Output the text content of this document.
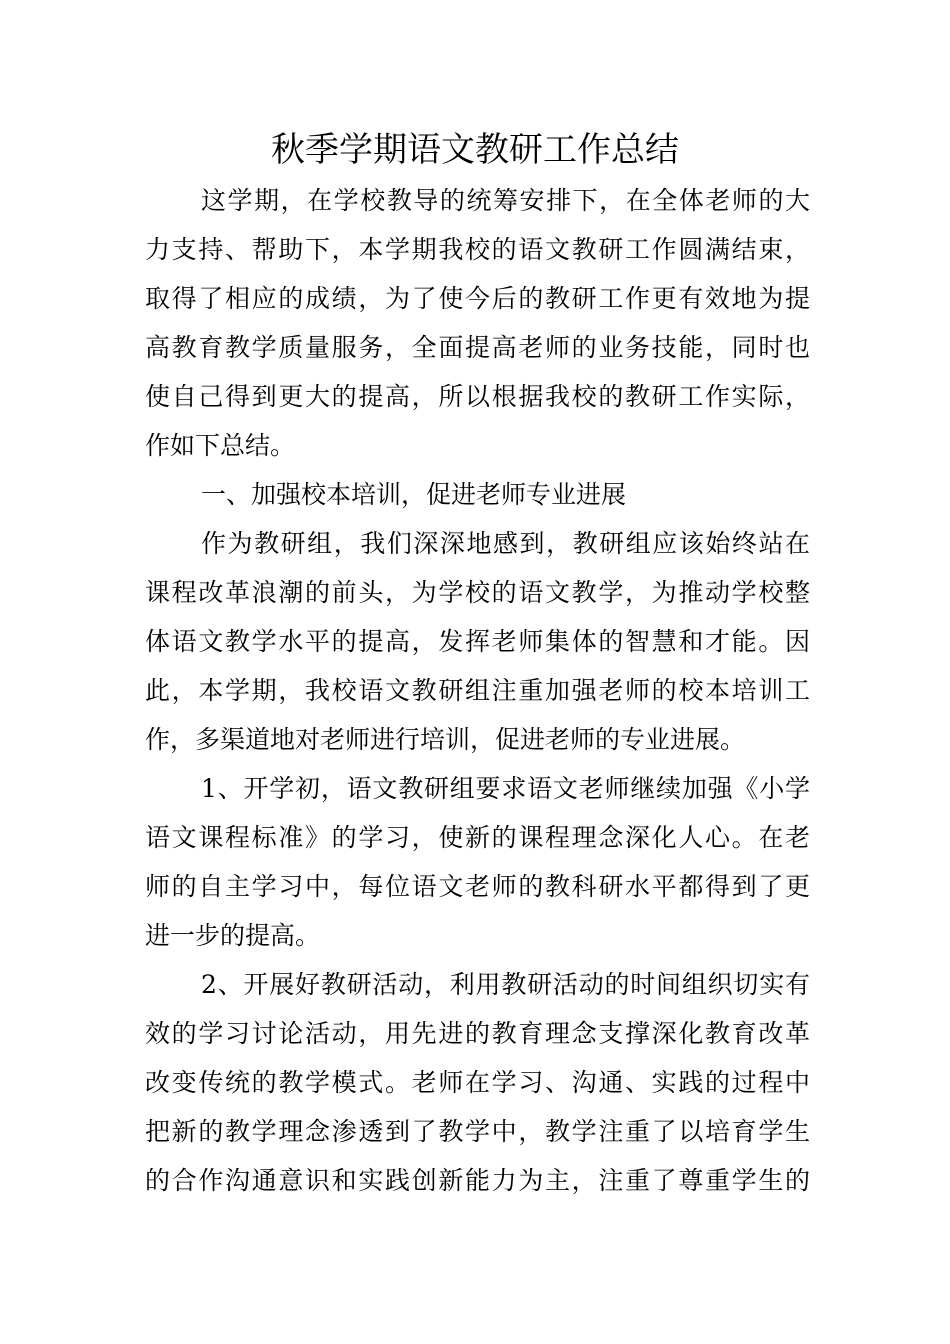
秋季学期语文教研工作总结
这学期，在学校教导的统筹安排下，在全体老师的大
力支持、帮助下，本学期我校的语文教研工作圆满结束，
取得了相应的成绩，为了使今后的教研工作更有效地为提
高教育教学质量服务，全面提高老师的业务技能，同时也
使自己得到更大的提高，所以根据我校的教研工作实际，
作如下总结。
一、加强校本培训，促进老师专业进展
作为教研组，我们深深地感到，教研组应该始终站在
课程改革浪潮的前头，为学校的语文教学，为推动学校整
体语文教学水平的提高，发挥老师集体的智慧和才能。因
此，本学期，我校语文教研组注重加强老师的校本培训工
作，多渠道地对老师进行培训，促进老师的专业进展。
1、开学初，语文教研组要求语文老师继续加强《小学
语文课程标准》的学习，使新的课程理念深化人心。在老
师的自主学习中，每位语文老师的教科研水平都得到了更
进一步的提高。
2、开展好教研活动，利用教研活动的时间组织切实有
效的学习讨论活动，用先进的教育理念支撑深化教育改革
改变传统的教学模式。老师在学习、沟通、实践的过程中
把新的教学理念渗透到了教学中，教学注重了以培育学生
的合作沟通意识和实践创新能力为主，注重了尊重学生的
